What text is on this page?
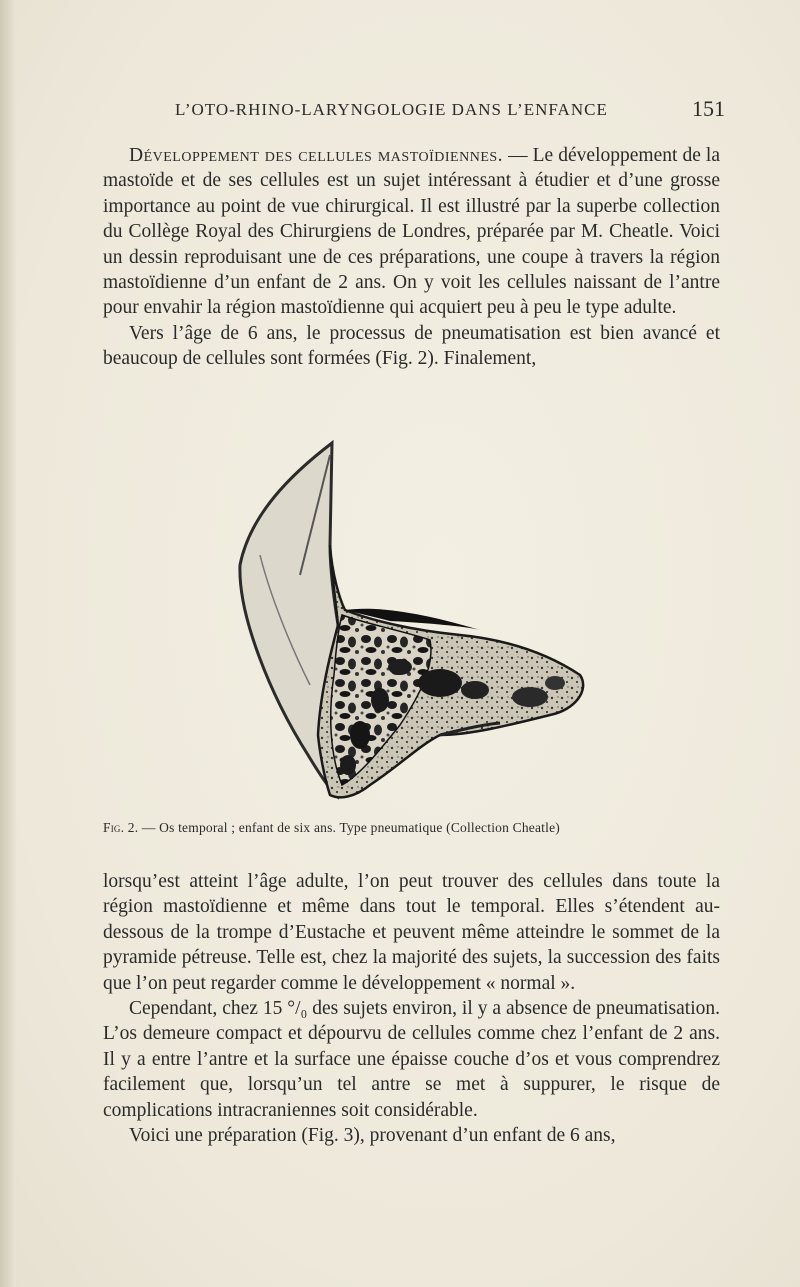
L’OTO-RHINO-LARYNGOLOGIE DANS L’ENFANCE	151

Développement des cellules mastoïdiennes. — Le développement de la mastoïde et de ses cellules est un sujet intéressant à étudier et d’une grosse importance au point de vue chirurgical. Il est illustré par la superbe collection du Collège Royal des Chirurgiens de Londres, préparée par M. Cheatle. Voici un dessin reproduisant une de ces préparations, une coupe à travers la région mastoïdienne d’un enfant de 2 ans. On y voit les cellules naissant de l’antre pour envahir la région mastoïdienne qui acquiert peu à peu le type adulte.

Vers l’âge de 6 ans, le processus de pneumatisation est bien avancé et beaucoup de cellules sont formées (Fig. 2). Finalement,

Fig. 2. — Os temporal ; enfant de six ans. Type pneumatique (Collection Cheatle)

lorsqu’est atteint l’âge adulte, l’on peut trouver des cellules dans toute la région mastoïdienne et même dans tout le temporal. Elles s’étendent au-dessous de la trompe d’Eustache et peuvent même atteindre le sommet de la pyramide pétreuse. Telle est, chez la majorité des sujets, la succession des faits que l’on peut regarder comme le développement « normal ».

Cependant, chez 15 °/₀ des sujets environ, il y a absence de pneumatisation. L’os demeure compact et dépourvu de cellules comme chez l’enfant de 2 ans. Il y a entre l’antre et la surface une épaisse couche d’os et vous comprendrez facilement que, lorsqu’un tel antre se met à suppurer, le risque de complications intracraniennes soit considérable.

Voici une préparation (Fig. 3), provenant d’un enfant de 6 ans,
